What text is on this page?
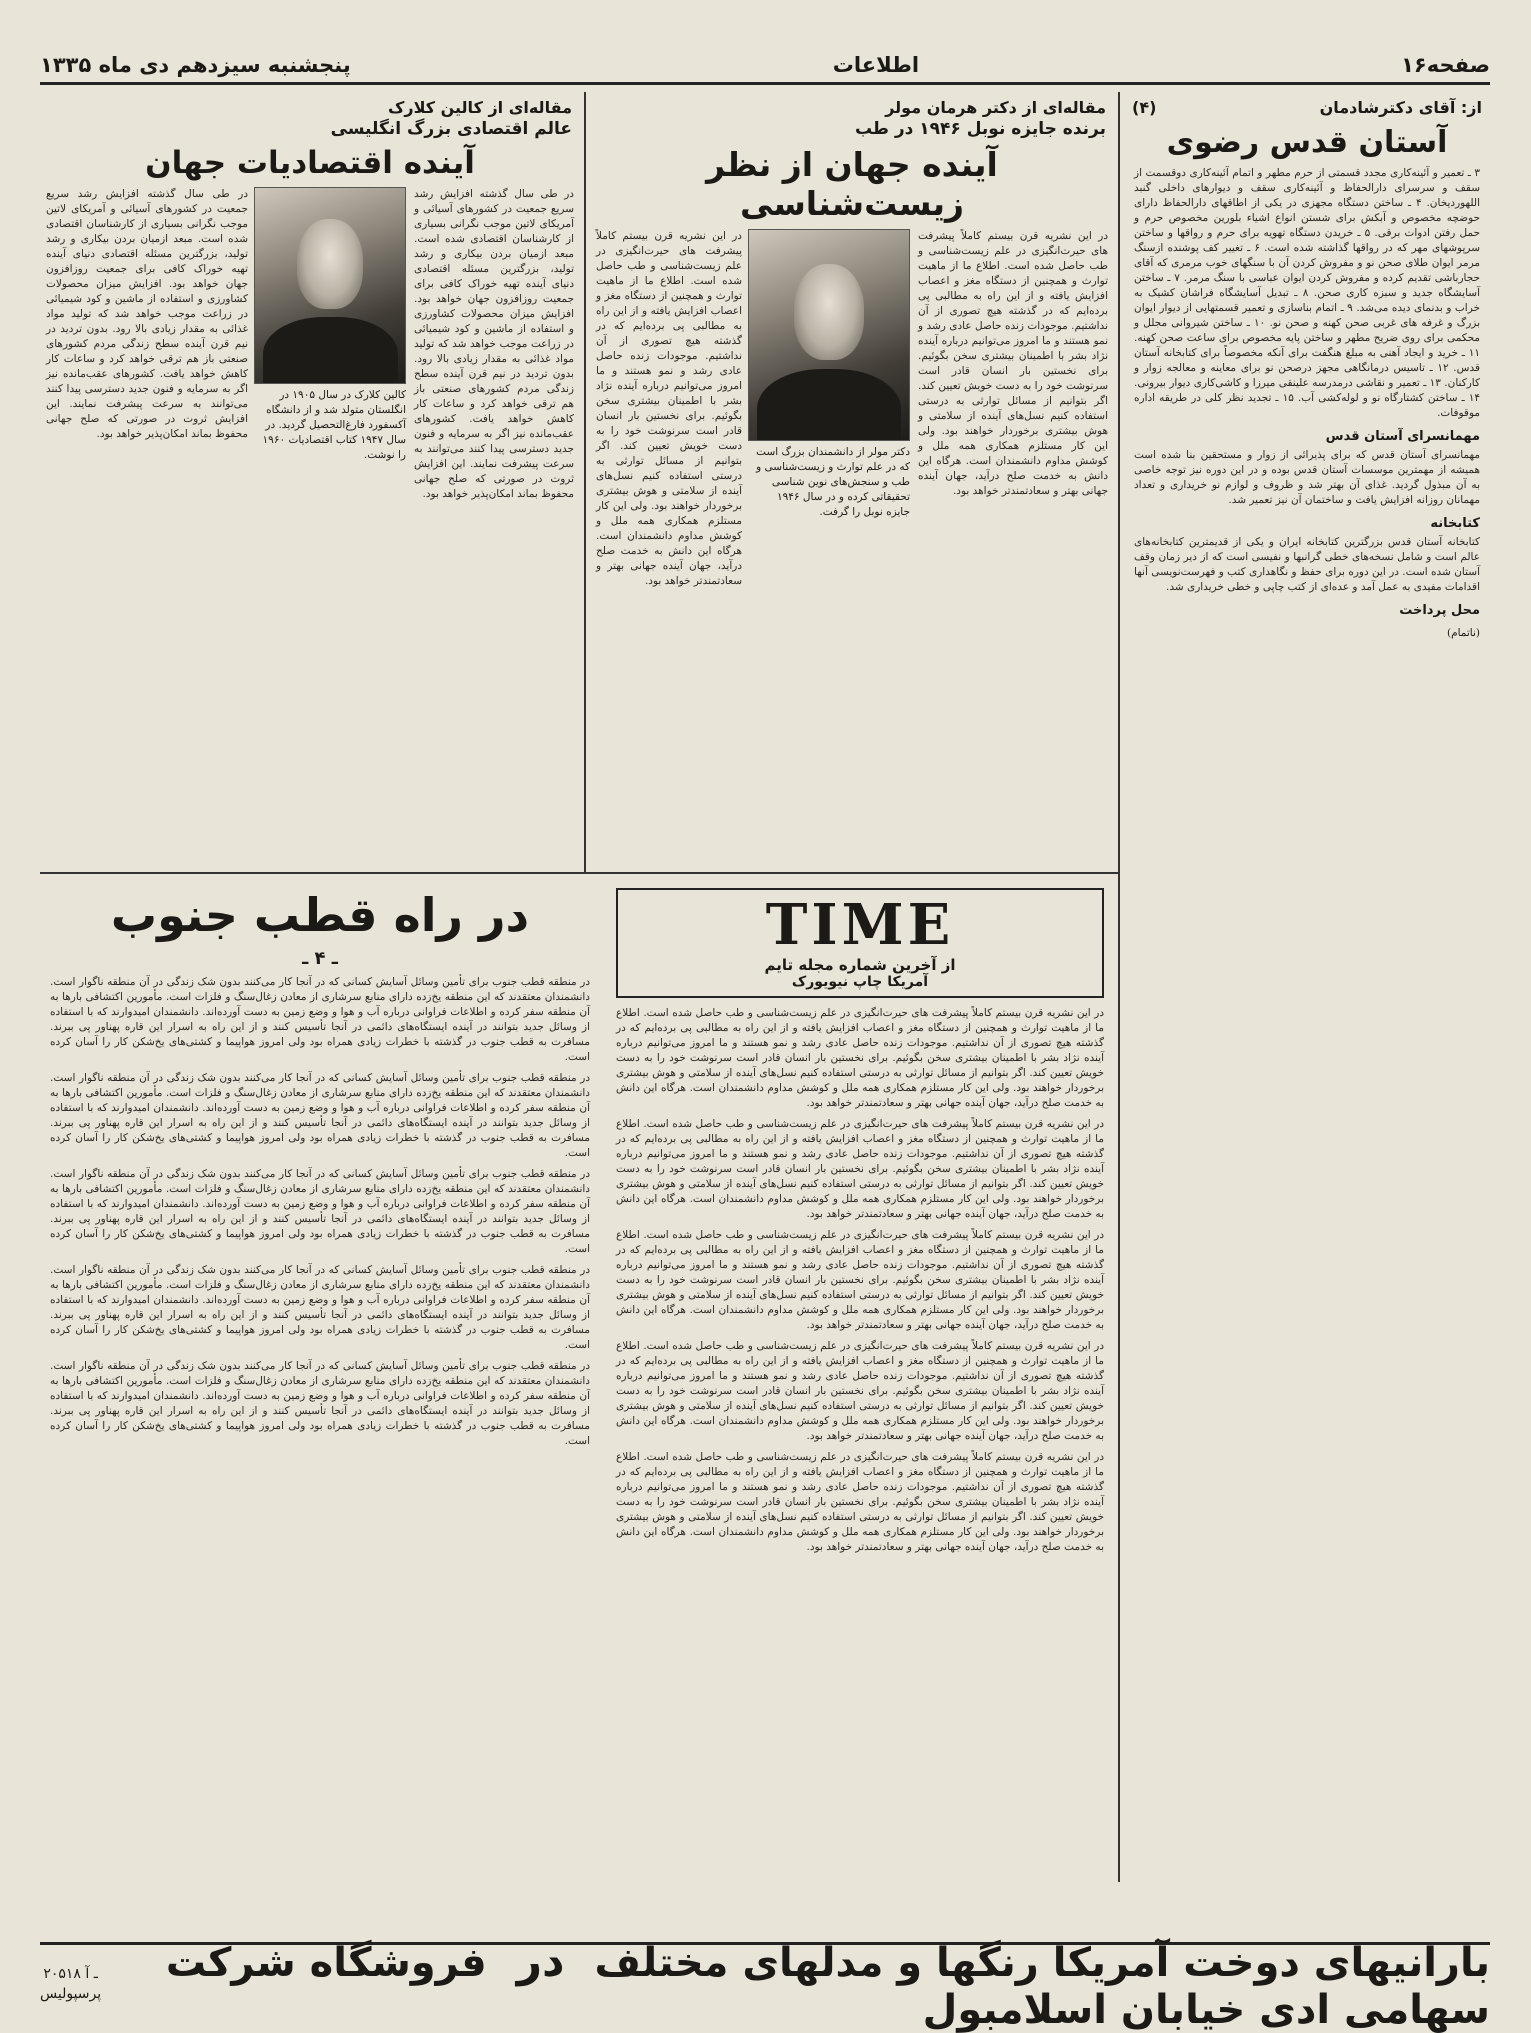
صفحه۱۶
اطلاعات
پنجشنبه سیزدهم دی ماه ۱۳۳۵
از: آقای دکترشادمان
(۴)
آستان قدس رضوی

۳ ـ تعمیر و آئینه‌کاری مجدد قسمتی از حرم مطهر و اتمام آئینه‌کاری دوقسمت از سقف و سرسرای دارالحفاظ و آئینه‌کاری سقف و دیوارهای داخلی گنبد اللهوردیخان. ۴ ـ ساختن دستگاه مجهزی در یکی از اطاقهای دارالحفاظ دارای حوضچه مخصوص و آبکش برای شستن انواع اشیاء بلورین مخصوص حرم و حمل رفتن ادوات برقی. ۵ ـ خریدن دستگاه تهویه برای حرم و رواقها و ساختن سرپوشهای مهر که در رواقها گذاشته شده است. ۶ ـ تغییر کف پوشنده ازسنگ مرمر ایوان طلای صحن نو و مفروش کردن آن با سنگهای خوب مرمری که آقای حجارباشی تقدیم کرده و مفروش کردن ایوان عباسی با سنگ مرمر. ۷ ـ ساختن آسایشگاه جدید و سبزه کاری صحن. ۸ ـ تبدیل آسایشگاه فراشان کشیک به خراب و بدنمای دیده می‌شد. ۹ ـ اتمام بناسازی و تعمیر قسمتهایی از دیوار ایوان بزرگ و غرفه های غربی صحن کهنه و صحن نو. ۱۰ ـ ساختن شیروانی مجلل و محکمی برای روی ضریح مطهر و ساختن پایه مخصوص برای ساعت صحن کهنه. ۱۱ ـ خرید و ایجاد آهنی به مبلغ هنگفت برای آنکه مخصوصاً برای کتابخانه آستان قدس. ۱۲ ـ تاسیس درمانگاهی مجهز درصحن نو برای معاینه و معالجه زوار و کارکنان. ۱۳ ـ تعمیر و نقاشی درمدرسه علینقی میرزا و کاشی‌کاری دیوار بیرونی. ۱۴ ـ ساختن کشتارگاه نو و لوله‌کشی آب. ۱۵ ـ تجدید نظر کلی در طریقه اداره موقوفات.

مهمانسرای آستان قدس

مهمانسرای آستان قدس که برای پذیرائی از زوار و مستحقین بنا شده است همیشه از مهمترین موسسات آستان قدس بوده و در این دوره نیز توجه خاصی به آن مبذول گردید. غذای آن بهتر شد و ظروف و لوازم نو خریداری و تعداد مهمانان روزانه افزایش یافت و ساختمان آن نیز تعمیر شد.

کتابخانه

کتابخانه آستان قدس بزرگترین کتابخانه ایران و یکی از قدیمترین کتابخانه‌های عالم است و شامل نسخه‌های خطی گرانبها و نفیسی است که از دیر زمان وقف آستان شده است. در این دوره برای حفظ و نگاهداری کتب و فهرست‌نویسی آنها اقدامات مفیدی به عمل آمد و عده‌ای از کتب چاپی و خطی خریداری شد.

محل پرداخت
(ناتمام)
مقاله‌ای از دکتر هرمان مولر
برنده جایزه نوبل ۱۹۴۶ در طب
آینده جهان از نظر زیست‌شناسی

در این نشریه قرن بیستم کاملاً پیشرفت های حیرت‌انگیزی در علم زیست‌شناسی و طب حاصل شده است. اطلاع ما از ماهیت توارث و همچنین از دستگاه مغز و اعصاب افزایش یافته و از این راه به مطالبی پی برده‌ایم که در گذشته هیچ تصوری از آن نداشتیم. موجودات زنده حاصل عادی رشد و نمو هستند و ما امروز می‌توانیم درباره آینده نژاد بشر با اطمینان بیشتری سخن بگوئیم. برای نخستین بار انسان قادر است سرنوشت خود را به دست خویش تعیین کند. اگر بتوانیم از مسائل توارثی به درستی استفاده کنیم نسل‌های آینده از سلامتی و هوش بیشتری برخوردار خواهند بود. ولی این کار مستلزم همکاری همه ملل و کوشش مداوم دانشمندان است. هرگاه این دانش به خدمت صلح درآید، جهان آینده جهانی بهتر و سعادتمندتر خواهد بود.

دکتر مولر از دانشمندان بزرگ است که در علم توارث و زیست‌شناسی و طب و سنجش‌های نوین شناسی تحقیقاتی کرده و در سال ۱۹۴۶ جایزه نوبل را گرفت.

در این نشریه قرن بیستم کاملاً پیشرفت های حیرت‌انگیزی در علم زیست‌شناسی و طب حاصل شده است. اطلاع ما از ماهیت توارث و همچنین از دستگاه مغز و اعصاب افزایش یافته و از این راه به مطالبی پی برده‌ایم که در گذشته هیچ تصوری از آن نداشتیم. موجودات زنده حاصل عادی رشد و نمو هستند و ما امروز می‌توانیم درباره آینده نژاد بشر با اطمینان بیشتری سخن بگوئیم. برای نخستین بار انسان قادر است سرنوشت خود را به دست خویش تعیین کند. اگر بتوانیم از مسائل توارثی به درستی استفاده کنیم نسل‌های آینده از سلامتی و هوش بیشتری برخوردار خواهند بود. ولی این کار مستلزم همکاری همه ملل و کوشش مداوم دانشمندان است. هرگاه این دانش به خدمت صلح درآید، جهان آینده جهانی بهتر و سعادتمندتر خواهد بود.

مقاله‌ای از کالین کلارک
عالم اقتصادی بزرگ انگلیسی
آینده اقتصادیات جهان

در طی سال گذشته افزایش رشد سریع جمعیت در کشورهای آسیائی و آمریکای لاتین موجب نگرانی بسیاری از کارشناسان اقتصادی شده است. مبعد ازمیان بردن بیکاری و رشد تولید، بزرگترین مسئله اقتصادی دنیای آینده تهیه خوراک کافی برای جمعیت روزافزون جهان خواهد بود. افزایش میزان محصولات کشاورزی و استفاده از ماشین و کود شیمیائی در زراعت موجب خواهد شد که تولید مواد غذائی به مقدار زیادی بالا رود. بدون تردید در نیم قرن آینده سطح زندگی مردم کشورهای صنعتی باز هم ترقی خواهد کرد و ساعات کار کاهش خواهد یافت. کشورهای عقب‌مانده نیز اگر به سرمایه و فنون جدید دسترسی پیدا کنند می‌توانند به سرعت پیشرفت نمایند. این افزایش ثروت در صورتی که صلح جهانی محفوظ بماند امکان‌پذیر خواهد بود.

کالین کلارک در سال ۱۹۰۵ در انگلستان متولد شد و از دانشگاه آکسفورد فارغ‌التحصیل گردید. در سال ۱۹۴۷ کتاب اقتصادیات ۱۹۶۰ را نوشت.

در طی سال گذشته افزایش رشد سریع جمعیت در کشورهای آسیائی و آمریکای لاتین موجب نگرانی بسیاری از کارشناسان اقتصادی شده است. مبعد ازمیان بردن بیکاری و رشد تولید، بزرگترین مسئله اقتصادی دنیای آینده تهیه خوراک کافی برای جمعیت روزافزون جهان خواهد بود. افزایش میزان محصولات کشاورزی و استفاده از ماشین و کود شیمیائی در زراعت موجب خواهد شد که تولید مواد غذائی به مقدار زیادی بالا رود. بدون تردید در نیم قرن آینده سطح زندگی مردم کشورهای صنعتی باز هم ترقی خواهد کرد و ساعات کار کاهش خواهد یافت. کشورهای عقب‌مانده نیز اگر به سرمایه و فنون جدید دسترسی پیدا کنند می‌توانند به سرعت پیشرفت نمایند. این افزایش ثروت در صورتی که صلح جهانی محفوظ بماند امکان‌پذیر خواهد بود.

در راه قطب جنوب
ـ ۴ ـ

در منطقه قطب جنوب برای تأمین وسائل آسایش کسانی که در آنجا کار می‌کنند بدون شک زندگی در آن منطقه ناگوار است. دانشمندان معتقدند که این منطقه یخ‌زده دارای منابع سرشاری از معادن زغال‌سنگ و فلزات است. مأمورین اکتشافی بارها به آن منطقه سفر کرده و اطلاعات فراوانی درباره آب و هوا و وضع زمین به دست آورده‌اند. دانشمندان امیدوارند که با استفاده از وسائل جدید بتوانند در آینده ایستگاه‌های دائمی در آنجا تأسیس کنند و از این راه به اسرار این قاره پهناور پی ببرند. مسافرت به قطب جنوب در گذشته با خطرات زیادی همراه بود ولی امروز هواپیما و کشتی‌های یخ‌شکن کار را آسان کرده است.

در منطقه قطب جنوب برای تأمین وسائل آسایش کسانی که در آنجا کار می‌کنند بدون شک زندگی در آن منطقه ناگوار است. دانشمندان معتقدند که این منطقه یخ‌زده دارای منابع سرشاری از معادن زغال‌سنگ و فلزات است. مأمورین اکتشافی بارها به آن منطقه سفر کرده و اطلاعات فراوانی درباره آب و هوا و وضع زمین به دست آورده‌اند. دانشمندان امیدوارند که با استفاده از وسائل جدید بتوانند در آینده ایستگاه‌های دائمی در آنجا تأسیس کنند و از این راه به اسرار این قاره پهناور پی ببرند. مسافرت به قطب جنوب در گذشته با خطرات زیادی همراه بود ولی امروز هواپیما و کشتی‌های یخ‌شکن کار را آسان کرده است.

در منطقه قطب جنوب برای تأمین وسائل آسایش کسانی که در آنجا کار می‌کنند بدون شک زندگی در آن منطقه ناگوار است. دانشمندان معتقدند که این منطقه یخ‌زده دارای منابع سرشاری از معادن زغال‌سنگ و فلزات است. مأمورین اکتشافی بارها به آن منطقه سفر کرده و اطلاعات فراوانی درباره آب و هوا و وضع زمین به دست آورده‌اند. دانشمندان امیدوارند که با استفاده از وسائل جدید بتوانند در آینده ایستگاه‌های دائمی در آنجا تأسیس کنند و از این راه به اسرار این قاره پهناور پی ببرند. مسافرت به قطب جنوب در گذشته با خطرات زیادی همراه بود ولی امروز هواپیما و کشتی‌های یخ‌شکن کار را آسان کرده است.

در منطقه قطب جنوب برای تأمین وسائل آسایش کسانی که در آنجا کار می‌کنند بدون شک زندگی در آن منطقه ناگوار است. دانشمندان معتقدند که این منطقه یخ‌زده دارای منابع سرشاری از معادن زغال‌سنگ و فلزات است. مأمورین اکتشافی بارها به آن منطقه سفر کرده و اطلاعات فراوانی درباره آب و هوا و وضع زمین به دست آورده‌اند. دانشمندان امیدوارند که با استفاده از وسائل جدید بتوانند در آینده ایستگاه‌های دائمی در آنجا تأسیس کنند و از این راه به اسرار این قاره پهناور پی ببرند. مسافرت به قطب جنوب در گذشته با خطرات زیادی همراه بود ولی امروز هواپیما و کشتی‌های یخ‌شکن کار را آسان کرده است.

در منطقه قطب جنوب برای تأمین وسائل آسایش کسانی که در آنجا کار می‌کنند بدون شک زندگی در آن منطقه ناگوار است. دانشمندان معتقدند که این منطقه یخ‌زده دارای منابع سرشاری از معادن زغال‌سنگ و فلزات است. مأمورین اکتشافی بارها به آن منطقه سفر کرده و اطلاعات فراوانی درباره آب و هوا و وضع زمین به دست آورده‌اند. دانشمندان امیدوارند که با استفاده از وسائل جدید بتوانند در آینده ایستگاه‌های دائمی در آنجا تأسیس کنند و از این راه به اسرار این قاره پهناور پی ببرند. مسافرت به قطب جنوب در گذشته با خطرات زیادی همراه بود ولی امروز هواپیما و کشتی‌های یخ‌شکن کار را آسان کرده است.

TIME
از آخرین شماره مجله تایم
آمریکا چاپ نیویورک

در این نشریه قرن بیستم کاملاً پیشرفت های حیرت‌انگیزی در علم زیست‌شناسی و طب حاصل شده است. اطلاع ما از ماهیت توارث و همچنین از دستگاه مغز و اعصاب افزایش یافته و از این راه به مطالبی پی برده‌ایم که در گذشته هیچ تصوری از آن نداشتیم. موجودات زنده حاصل عادی رشد و نمو هستند و ما امروز می‌توانیم درباره آینده نژاد بشر با اطمینان بیشتری سخن بگوئیم. برای نخستین بار انسان قادر است سرنوشت خود را به دست خویش تعیین کند. اگر بتوانیم از مسائل توارثی به درستی استفاده کنیم نسل‌های آینده از سلامتی و هوش بیشتری برخوردار خواهند بود. ولی این کار مستلزم همکاری همه ملل و کوشش مداوم دانشمندان است. هرگاه این دانش به خدمت صلح درآید، جهان آینده جهانی بهتر و سعادتمندتر خواهد بود.

در این نشریه قرن بیستم کاملاً پیشرفت های حیرت‌انگیزی در علم زیست‌شناسی و طب حاصل شده است. اطلاع ما از ماهیت توارث و همچنین از دستگاه مغز و اعصاب افزایش یافته و از این راه به مطالبی پی برده‌ایم که در گذشته هیچ تصوری از آن نداشتیم. موجودات زنده حاصل عادی رشد و نمو هستند و ما امروز می‌توانیم درباره آینده نژاد بشر با اطمینان بیشتری سخن بگوئیم. برای نخستین بار انسان قادر است سرنوشت خود را به دست خویش تعیین کند. اگر بتوانیم از مسائل توارثی به درستی استفاده کنیم نسل‌های آینده از سلامتی و هوش بیشتری برخوردار خواهند بود. ولی این کار مستلزم همکاری همه ملل و کوشش مداوم دانشمندان است. هرگاه این دانش به خدمت صلح درآید، جهان آینده جهانی بهتر و سعادتمندتر خواهد بود.

در این نشریه قرن بیستم کاملاً پیشرفت های حیرت‌انگیزی در علم زیست‌شناسی و طب حاصل شده است. اطلاع ما از ماهیت توارث و همچنین از دستگاه مغز و اعصاب افزایش یافته و از این راه به مطالبی پی برده‌ایم که در گذشته هیچ تصوری از آن نداشتیم. موجودات زنده حاصل عادی رشد و نمو هستند و ما امروز می‌توانیم درباره آینده نژاد بشر با اطمینان بیشتری سخن بگوئیم. برای نخستین بار انسان قادر است سرنوشت خود را به دست خویش تعیین کند. اگر بتوانیم از مسائل توارثی به درستی استفاده کنیم نسل‌های آینده از سلامتی و هوش بیشتری برخوردار خواهند بود. ولی این کار مستلزم همکاری همه ملل و کوشش مداوم دانشمندان است. هرگاه این دانش به خدمت صلح درآید، جهان آینده جهانی بهتر و سعادتمندتر خواهد بود.

در این نشریه قرن بیستم کاملاً پیشرفت های حیرت‌انگیزی در علم زیست‌شناسی و طب حاصل شده است. اطلاع ما از ماهیت توارث و همچنین از دستگاه مغز و اعصاب افزایش یافته و از این راه به مطالبی پی برده‌ایم که در گذشته هیچ تصوری از آن نداشتیم. موجودات زنده حاصل عادی رشد و نمو هستند و ما امروز می‌توانیم درباره آینده نژاد بشر با اطمینان بیشتری سخن بگوئیم. برای نخستین بار انسان قادر است سرنوشت خود را به دست خویش تعیین کند. اگر بتوانیم از مسائل توارثی به درستی استفاده کنیم نسل‌های آینده از سلامتی و هوش بیشتری برخوردار خواهند بود. ولی این کار مستلزم همکاری همه ملل و کوشش مداوم دانشمندان است. هرگاه این دانش به خدمت صلح درآید، جهان آینده جهانی بهتر و سعادتمندتر خواهد بود.

در این نشریه قرن بیستم کاملاً پیشرفت های حیرت‌انگیزی در علم زیست‌شناسی و طب حاصل شده است. اطلاع ما از ماهیت توارث و همچنین از دستگاه مغز و اعصاب افزایش یافته و از این راه به مطالبی پی برده‌ایم که در گذشته هیچ تصوری از آن نداشتیم. موجودات زنده حاصل عادی رشد و نمو هستند و ما امروز می‌توانیم درباره آینده نژاد بشر با اطمینان بیشتری سخن بگوئیم. برای نخستین بار انسان قادر است سرنوشت خود را به دست خویش تعیین کند. اگر بتوانیم از مسائل توارثی به درستی استفاده کنیم نسل‌های آینده از سلامتی و هوش بیشتری برخوردار خواهند بود. ولی این کار مستلزم همکاری همه ملل و کوشش مداوم دانشمندان است. هرگاه این دانش به خدمت صلح درآید، جهان آینده جهانی بهتر و سعادتمندتر خواهد بود.

بارانیهای دوخت آمریکا رنگها و مدلهای مختلف در فروشگاه شرکت سهامی ادی خیابان اسلامبول
۲۰۵۱۸ ـ آ
پرسپولیس
